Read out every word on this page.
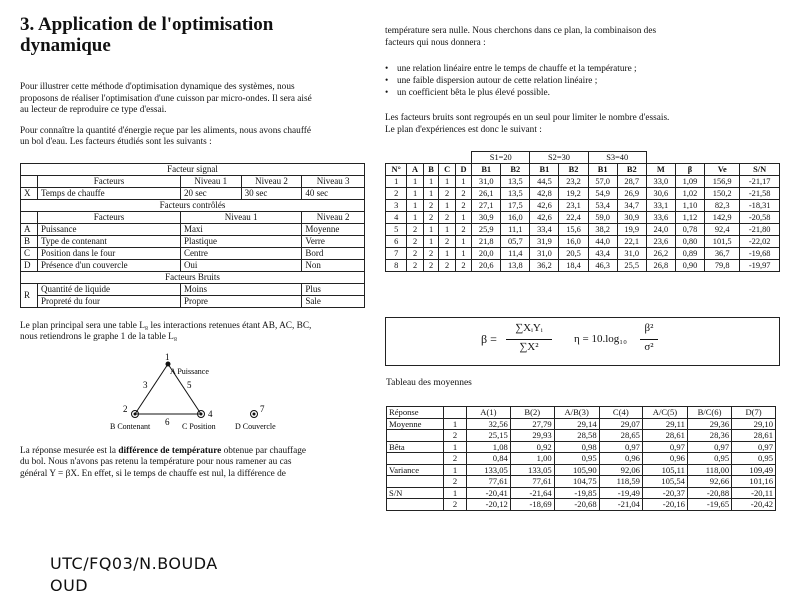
3. Application de l'optimisation
dynamique

Pour illustrer cette méthode d'optimisation dynamique des systèmes, nous

proposons de réaliser l'optimisation d'une cuisson par micro-ondes. Il sera aisé

au lecteur de reproduire ce type d'essai.

Pour connaître la quantité d'énergie reçue par les aliments, nous avons chauffé

un bol d'eau. Les facteurs étudiés sont les suivants :

Facteur signal				
	Facteurs	Niveau 1	Niveau 2	Niveau 3
X	Temps de chauffe	20 sec	30 sec	40 sec
Facteurs contrôlés				
	Facteurs	Niveau 1		Niveau 2
A	Puissance	Maxi		Moyenne
B	Type de contenant	Plastique		Verre
C	Position dans le four	Centre		Bord
D	Présence d'un couvercle	Oui		Non
Facteurs Bruits				
R	Quantité de liquide	Moins		Plus
	Propreté du four	Propre		Sale

Le plan principal sera une table L₈ les interactions retenues étant AB, AC, BC,

nous retiendrons le graphe 1 de la table L₈

1
A Puissance
2
B Contenant
4
C Position
7
D Couvercle
3	5
6

La réponse mesurée est la différence de température obtenue par chauffage

du bol. Nous n'avons pas retenu la température pour nous ramener au cas

général Y = βX. En effet, si le temps de chauffe est nul, la différence de

température sera nulle. Nous cherchons dans ce plan, la combinaison des

facteurs qui nous donnera :

• une relation linéaire entre le temps de chauffe et la température ;
• une faible dispersion autour de cette relation linéaire ;
• un coefficient bêta le plus élevé possible.

Les facteurs bruits sont regroupés en un seul pour limiter le nombre d'essais.

Le plan d'expériences est donc le suivant :

					S1=20		S2=30		S3=40					
N°	A	B	C	D	B1	B2	B1	B2	B1	B2	M	β	Ve	S/N
1	1	1	1	1	31,0	13,5	44,5	23,2	57,0	28,7	33,0	1,09	156,9	-21,17
2	1	1	2	2	26,1	13,5	42,8	19,2	54,9	26,9	30,6	1,02	150,2	-21,58
3	1	2	1	2	27,1	17,5	42,6	23,1	53,4	34,7	33,1	1,10	82,3	-18,31
4	1	2	2	1	30,9	16,0	42,6	22,4	59,0	30,9	33,6	1,12	142,9	-20,58
5	2	1	1	2	25,9	11,1	33,4	15,6	38,2	19,9	24,0	0,78	92,4	-21,80
6	2	1	2	1	21,8	05,7	31,9	16,0	44,0	22,1	23,6	0,80	101,5	-22,02
7	2	2	1	1	20,0	11,4	31,0	20,5	43,4	31,0	26,2	0,89	36,7	-19,68
8	2	2	2	2	20,6	13,8	36,2	18,4	46,3	25,5	26,8	0,90	79,8	-19,97
β =
∑XᵢYᵢ
∑X²
η = 10.log₁₀
β²
σ²
Tableau des moyennes
Réponse		A(1)	B(2)	A/B(3)	C(4)	A/C(5)	B/C(6)	D(7)
Moyenne	1	32,56	27,79	29,14	29,07	29,11	29,36	29,10
	2	25,15	29,93	28,58	28,65	28,61	28,36	28,61
Bêta	1	1,08	0,92	0,98	0,97	0,97	0,97	0,97
	2	0,84	1,00	0,95	0,96	0,96	0,95	0,95
Variance	1	133,05	133,05	105,90	92,06	105,11	118,00	109,49
	2	77,61	77,61	104,75	118,59	105,54	92,66	101,16
S/N	1	-20,41	-21,64	-19,85	-19,49	-20,37	-20,88	-20,11
	2	-20,12	-18,69	-20,68	-21,04	-20,16	-19,65	-20,42
UTC/FQ03/N.BOUDAOUD
